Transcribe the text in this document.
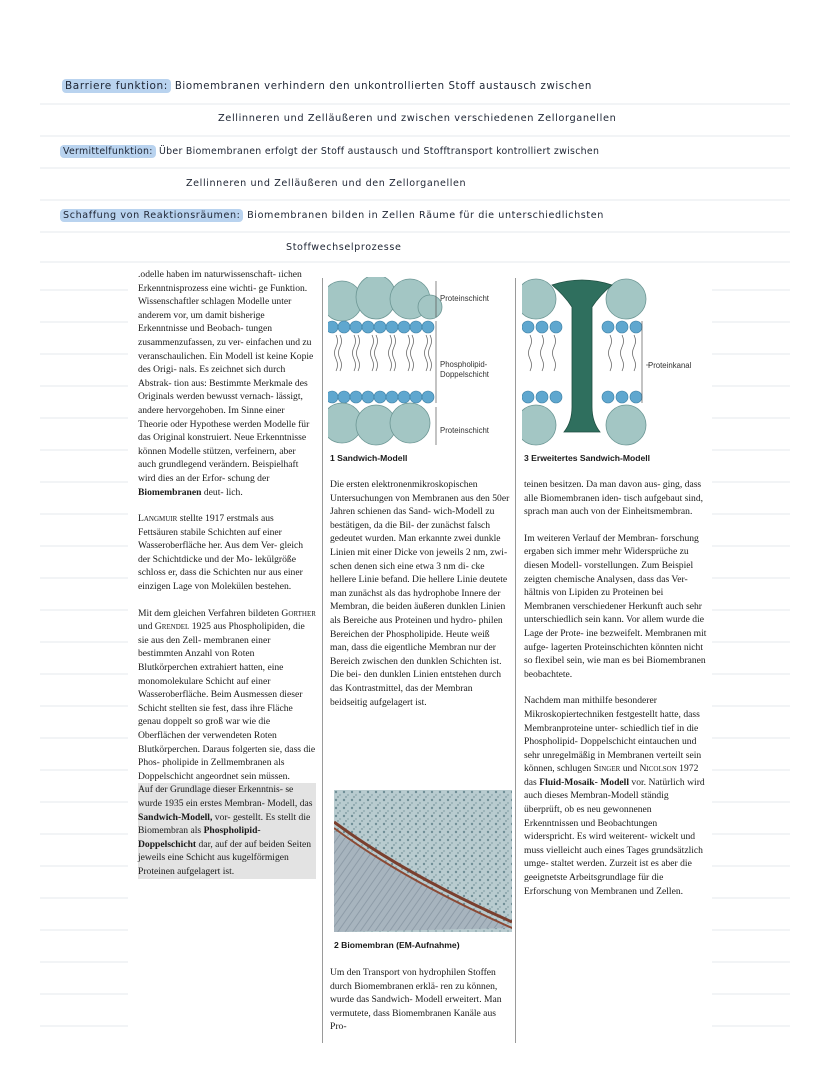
Barriere funktion: Biomembranen verhindern den unkontrollierten Stoff austausch zwischen
Zellinneren und Zelläußeren und zwischen verschiedenen Zellorganellen
Vermittelfunktion: Über Biomembranen erfolgt der Stoff austausch und Stofftransport kontrolliert zwischen
Zellinneren und Zelläußeren und den Zellorganellen
Schaffung von Reaktionsräumen: Biomembranen bilden in Zellen Räume für die unterschiedlichsten
Stoffwechselprozesse

.odelle haben im naturwissenschaft- ıichen Erkenntnisprozess eine wichti- ge Funktion. Wissenschaftler schlagen Modelle unter anderem vor, um damit bisherige Erkenntnisse und Beobach- tungen zusammenzufassen, zu ver- einfachen und zu veranschaulichen. Ein Modell ist keine Kopie des Origi- nals. Es zeichnet sich durch Abstrak- tion aus: Bestimmte Merkmale des Originals werden bewusst vernach- lässigt, andere hervorgehoben. Im Sinne einer Theorie oder Hypothese werden Modelle für das Original konstruiert. Neue Erkenntnisse können Modelle stützen, verfeinern, aber auch grundlegend verändern. Beispielhaft wird dies an der Erfor- schung der Biomembranen deut- lich.

Langmuir stellte 1917 erstmals aus Fettsäuren stabile Schichten auf einer Wasseroberfläche her. Aus dem Ver- gleich der Schichtdicke und der Mo- lekülgröße schloss er, dass die Schichten nur aus einer einzigen Lage von Molekülen bestehen.

Mit dem gleichen Verfahren bildeten Gorther und Grendel 1925 aus Phospholipiden, die sie aus den Zell- membranen einer bestimmten Anzahl von Roten Blutkörperchen extrahiert hatten, eine monomolekulare Schicht auf einer Wasseroberfläche. Beim Ausmessen dieser Schicht stellten sie fest, dass ihre Fläche genau doppelt so groß war wie die Oberflächen der verwendeten Roten Blutkörperchen. Daraus folgerten sie, dass die Phos- pholipide in Zellmembranen als Doppelschicht angeordnet sein müssen.

Auf der Grundlage dieser Erkenntnis- se wurde 1935 ein erstes Membran- Modell, das Sandwich-Modell, vor- gestellt. Es stellt die Biomembran als Phospholipid-Doppelschicht dar, auf der auf beiden Seiten jeweils eine Schicht aus kugelförmigen Proteinen aufgelagert ist.

Proteinschicht
Phospholipid-
Doppelschicht
Proteinschicht
1 Sandwich-Modell
Proteinkanal
3 Erweitertes Sandwich-Modell

Die ersten elektronenmikroskopischen Untersuchungen von Membranen aus den 50er Jahren schienen das Sand- wich-Modell zu bestätigen, da die Bil- der zunächst falsch gedeutet wurden. Man erkannte zwei dunkle Linien mit einer Dicke von jeweils 2 nm, zwi- schen denen sich eine etwa 3 nm di- cke hellere Linie befand. Die hellere Linie deutete man zunächst als das hydrophobe Innere der Membran, die beiden äußeren dunklen Linien als Bereiche aus Proteinen und hydro- philen Bereichen der Phospholipide. Heute weiß man, dass die eigentliche Membran nur der Bereich zwischen den dunklen Schichten ist. Die bei- den dunklen Linien entstehen durch das Kontrastmittel, das der Membran beidseitig aufgelagert ist.

2 Biomembran (EM-Aufnahme)

Um den Transport von hydrophilen Stoffen durch Biomembranen erklä- ren zu können, wurde das Sandwich- Modell erweitert. Man vermutete, dass Biomembranen Kanäle aus Pro-

teinen besitzen. Da man davon aus- ging, dass alle Biomembranen iden- tisch aufgebaut sind, sprach man auch von der Einheitsmembran.

Im weiteren Verlauf der Membran- forschung ergaben sich immer mehr Widersprüche zu diesen Modell- vorstellungen. Zum Beispiel zeigten chemische Analysen, dass das Ver- hältnis von Lipiden zu Proteinen bei Membranen verschiedener Herkunft auch sehr unterschiedlich sein kann. Vor allem wurde die Lage der Prote- ine bezweifelt. Membranen mit aufge- lagerten Proteinschichten könnten nicht so flexibel sein, wie man es bei Biomembranen beobachtete.

Nachdem man mithilfe besonderer Mikroskopiertechniken festgestellt hatte, dass Membranproteine unter- schiedlich tief in die Phospholipid- Doppelschicht eintauchen und sehr unregelmäßig in Membranen verteilt sein können, schlugen Singer und Nicolson 1972 das Fluid-Mosaik- Modell vor. Natürlich wird auch dieses Membran-Modell ständig überprüft, ob es neu gewonnenen Erkenntnissen und Beobachtungen widerspricht. Es wird weiterent- wickelt und muss vielleicht auch eines Tages grundsätzlich umge- staltet werden. Zurzeit ist es aber die geeignetste Arbeitsgrundlage für die Erforschung von Membranen und Zellen.
